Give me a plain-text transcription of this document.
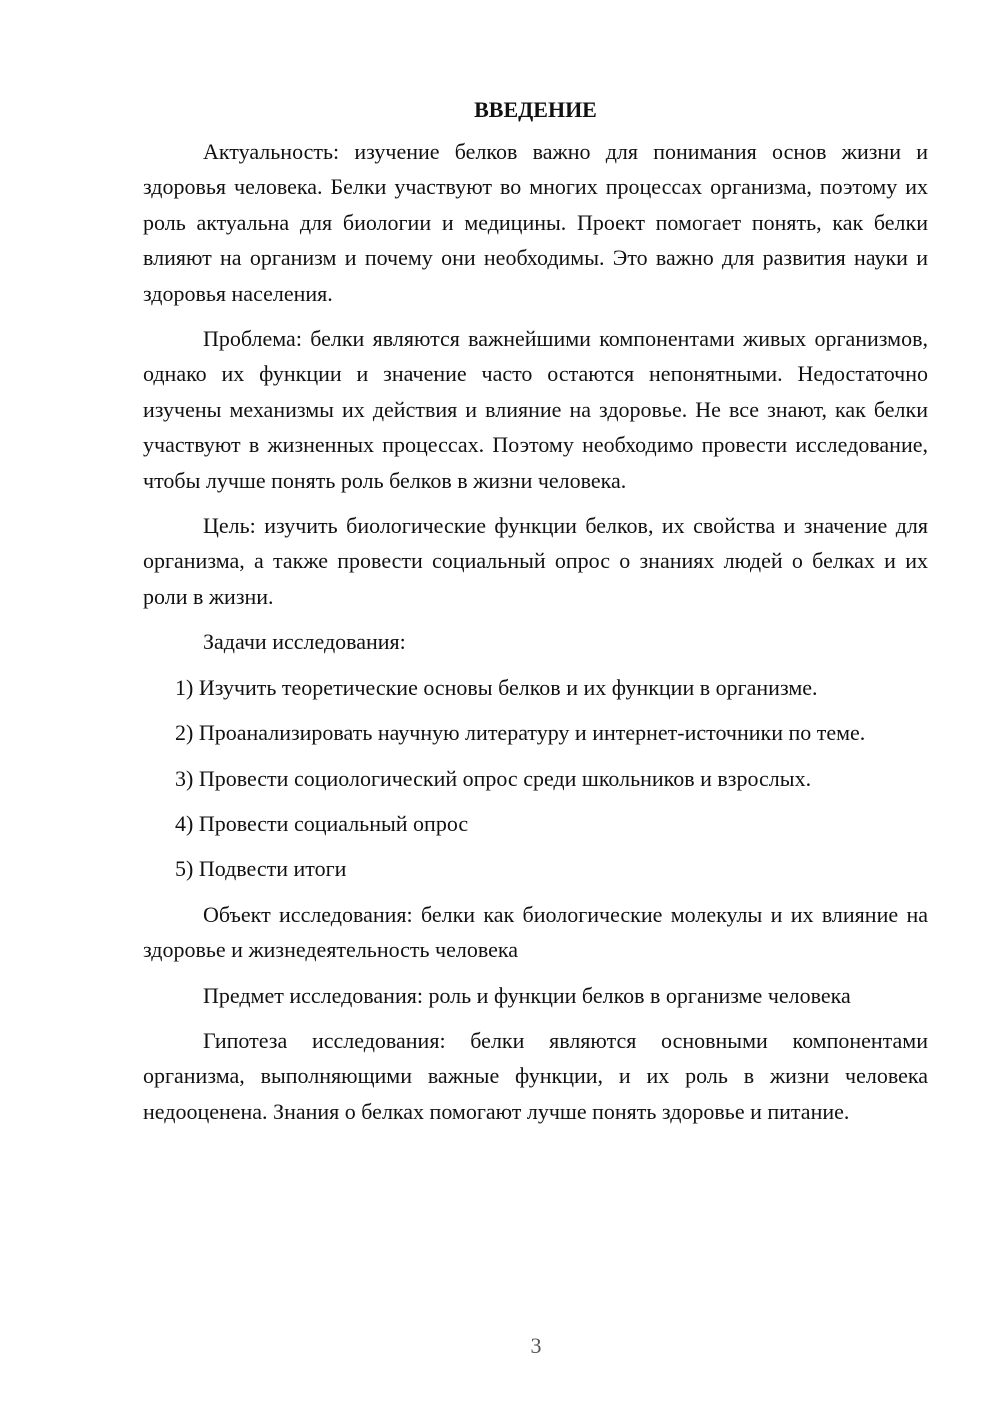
ВВЕДЕНИЕ

Актуальность: изучение белков важно для понимания основ жизни и здоровья человека. Белки участвуют во многих процессах организма, поэтому их роль актуальна для биологии и медицины. Проект помогает понять, как белки влияют на организм и почему они необходимы. Это важно для развития науки и здоровья населения.

Проблема: белки являются важнейшими компонентами живых организмов, однако их функции и значение часто остаются непонятными. Недостаточно изучены механизмы их действия и влияние на здоровье. Не все знают, как белки участвуют в жизненных процессах. Поэтому необходимо провести исследование, чтобы лучше понять роль белков в жизни человека.

Цель: изучить биологические функции белков, их свойства и значение для организма, а также провести социальный опрос о знаниях людей о белках и их роли в жизни.

Задачи исследования:

1) Изучить теоретические основы белков и их функции в организме.

2) Проанализировать научную литературу и интернет-источники по теме.

3) Провести социологический опрос среди школьников и взрослых.

4) Провести социальный опрос

5) Подвести итоги

Объект исследования: белки как биологические молекулы и их влияние на здоровье и жизнедеятельность человека

Предмет исследования: роль и функции белков в организме человека

Гипотеза исследования: белки являются основными компонентами организма, выполняющими важные функции, и их роль в жизни человека недооценена. Знания о белках помогают лучше понять здоровье и питание.

3
